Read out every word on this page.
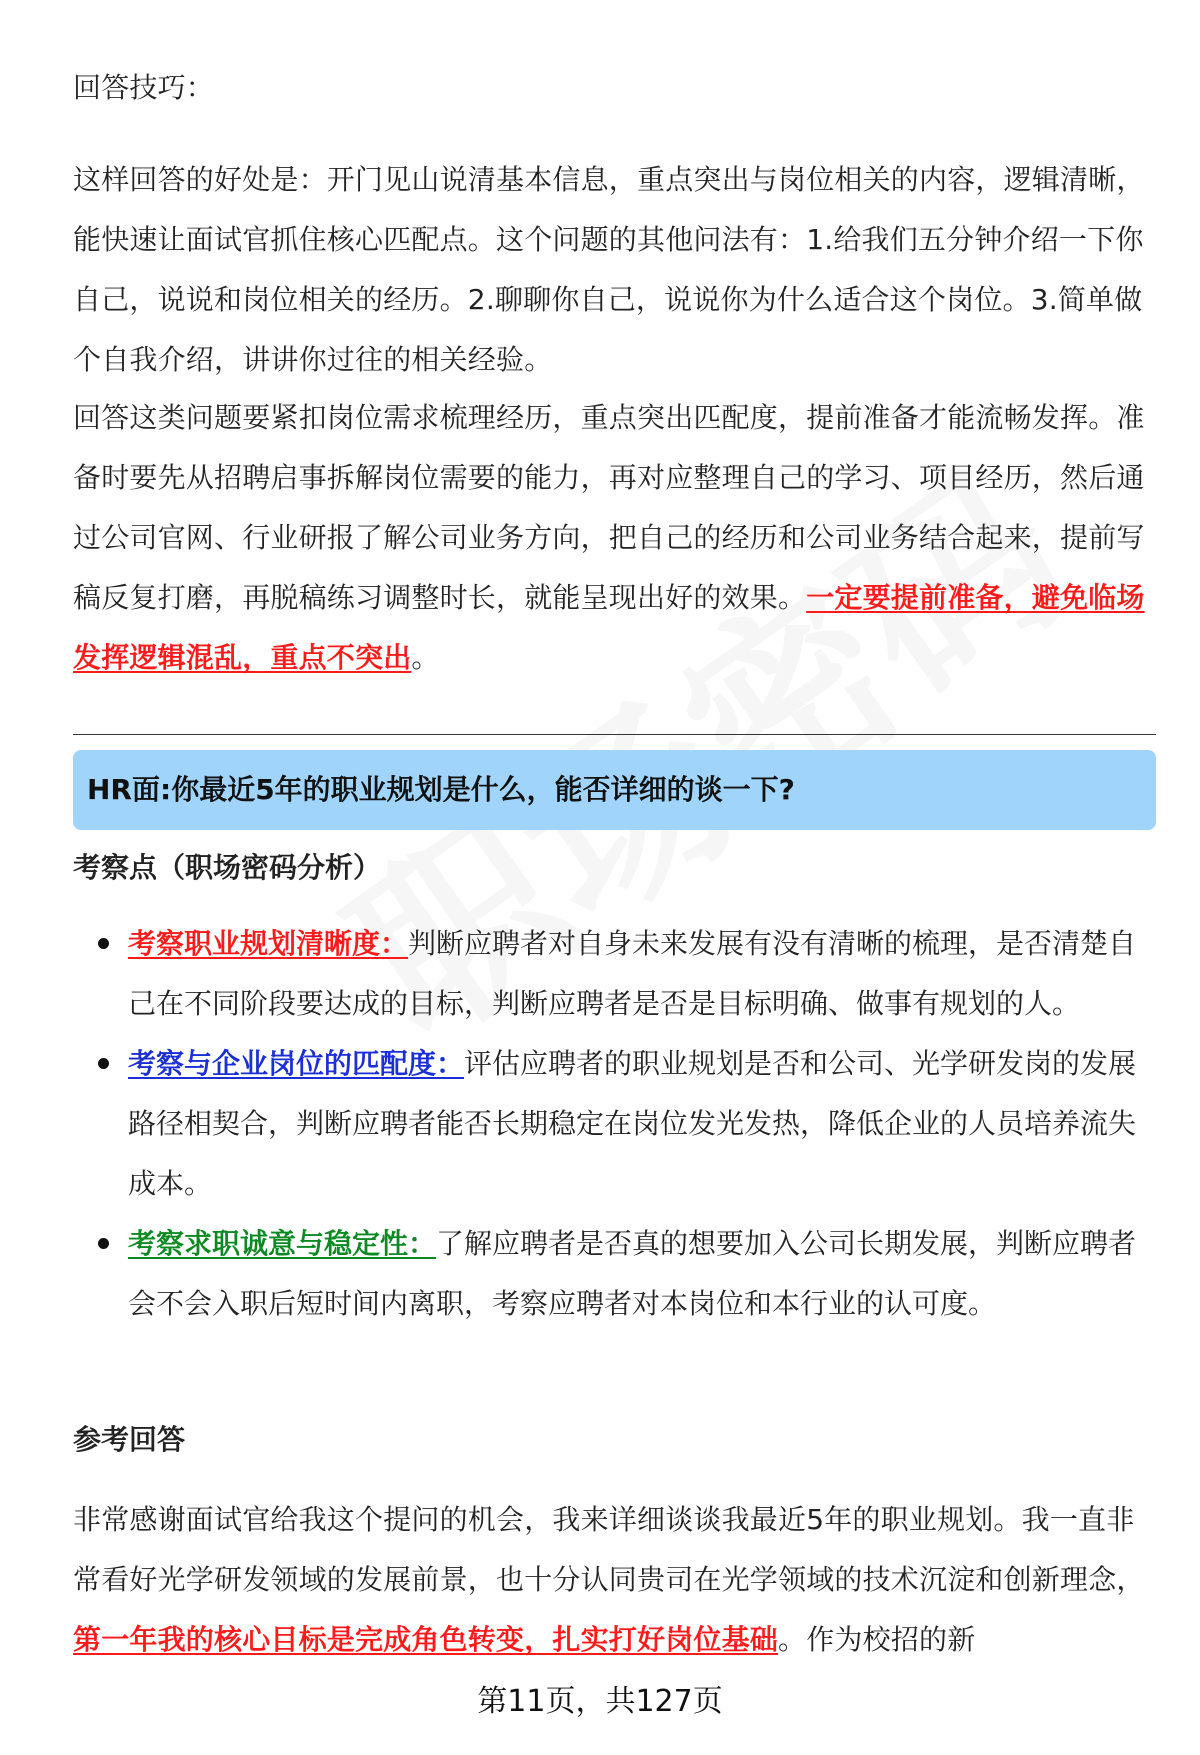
回答技巧：

这样回答的好处是：开门见山说清基本信息，重点突出与岗位相关的内容，逻辑清晰，能快速让面试官抓住核心匹配点。这个问题的其他问法有：1.给我们五分钟介绍一下你自己，说说和岗位相关的经历。2.聊聊你自己，说说你为什么适合这个岗位。3.简单做个自我介绍，讲讲你过往的相关经验。

回答这类问题要紧扣岗位需求梳理经历，重点突出匹配度，提前准备才能流畅发挥。准备时要先从招聘启事拆解岗位需要的能力，再对应整理自己的学习、项目经历，然后通过公司官网、行业研报了解公司业务方向，把自己的经历和公司业务结合起来，提前写稿反复打磨，再脱稿练习调整时长，就能呈现出好的效果。一定要提前准备，避免临场发挥逻辑混乱，重点不突出。

HR面:你最近5年的职业规划是什么，能否详细的谈一下?
考察点（职场密码分析）

考察职业规划清晰度：判断应聘者对自身未来发展有没有清晰的梳理，是否清楚自己在不同阶段要达成的目标，判断应聘者是否是目标明确、做事有规划的人。

考察与企业岗位的匹配度：评估应聘者的职业规划是否和公司、光学研发岗的发展路径相契合，判断应聘者能否长期稳定在岗位发光发热，降低企业的人员培养流失成本。

考察求职诚意与稳定性：了解应聘者是否真的想要加入公司长期发展，判断应聘者会不会入职后短时间内离职，考察应聘者对本岗位和本行业的认可度。

参考回答

非常感谢面试官给我这个提问的机会，我来详细谈谈我最近5年的职业规划。我一直非常看好光学研发领域的发展前景，也十分认同贵司在光学领域的技术沉淀和创新理念，第一年我的核心目标是完成角色转变，扎实打好岗位基础。作为校招的新

第11页，共127页
